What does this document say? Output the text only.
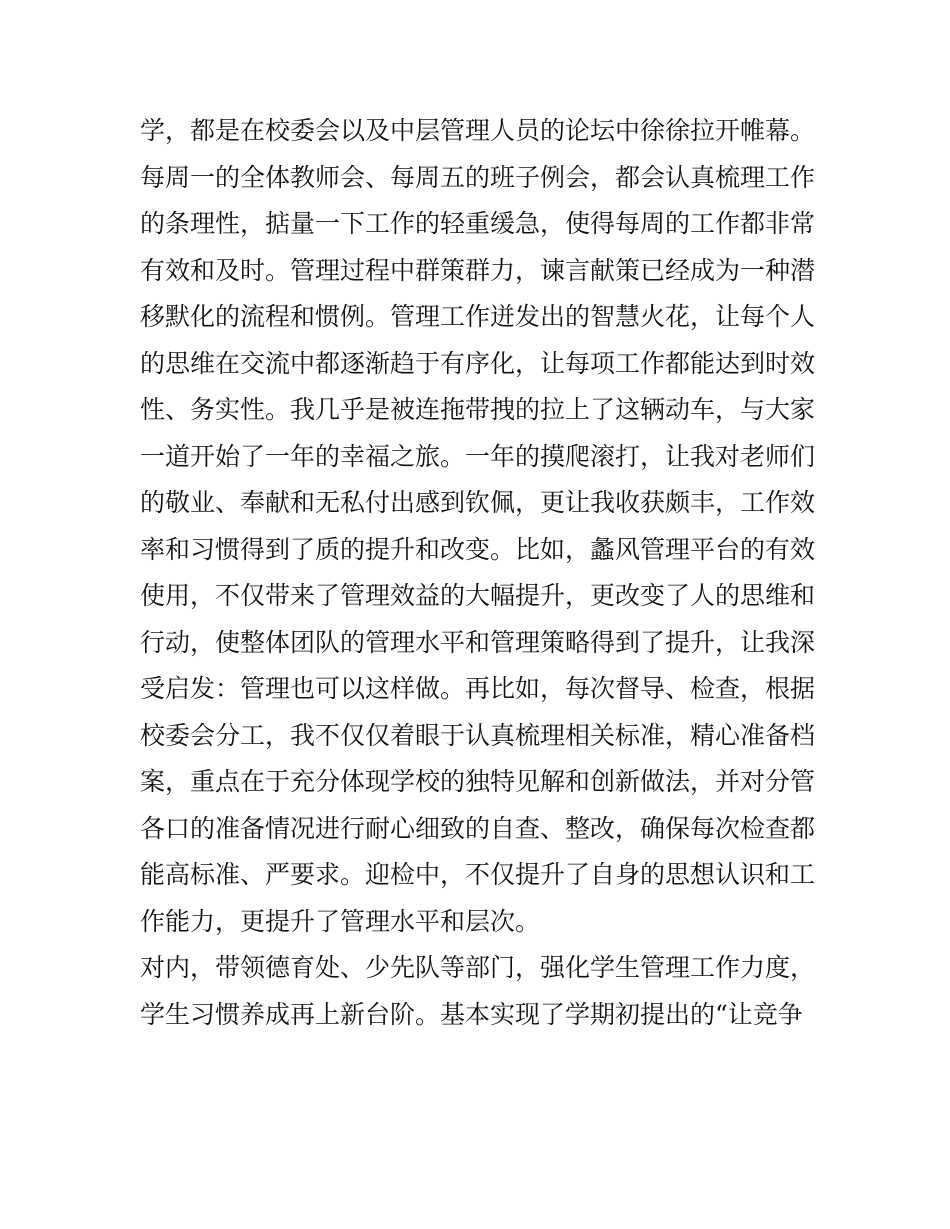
学，都是在校委会以及中层管理人员的论坛中徐徐拉开帷幕。
每周一的全体教师会、每周五的班子例会，都会认真梳理工作
的条理性，掂量一下工作的轻重缓急，使得每周的工作都非常
有效和及时。管理过程中群策群力，谏言献策已经成为一种潜
移默化的流程和惯例。管理工作迸发出的智慧火花，让每个人
的思维在交流中都逐渐趋于有序化，让每项工作都能达到时效
性、务实性。我几乎是被连拖带拽的拉上了这辆动车，与大家
一道开始了一年的幸福之旅。一年的摸爬滚打，让我对老师们
的敬业、奉献和无私付出感到钦佩，更让我收获颇丰，工作效
率和习惯得到了质的提升和改变。比如，蠡风管理平台的有效
使用，不仅带来了管理效益的大幅提升，更改变了人的思维和
行动，使整体团队的管理水平和管理策略得到了提升，让我深
受启发：管理也可以这样做。再比如，每次督导、检查，根据
校委会分工，我不仅仅着眼于认真梳理相关标准，精心准备档
案，重点在于充分体现学校的独特见解和创新做法，并对分管
各口的准备情况进行耐心细致的自查、整改，确保每次检查都
能高标准、严要求。迎检中，不仅提升了自身的思想认识和工
作能力，更提升了管理水平和层次。
对内，带领德育处、少先队等部门，强化学生管理工作力度，
学生习惯养成再上新台阶。基本实现了学期初提出的“让竞争
